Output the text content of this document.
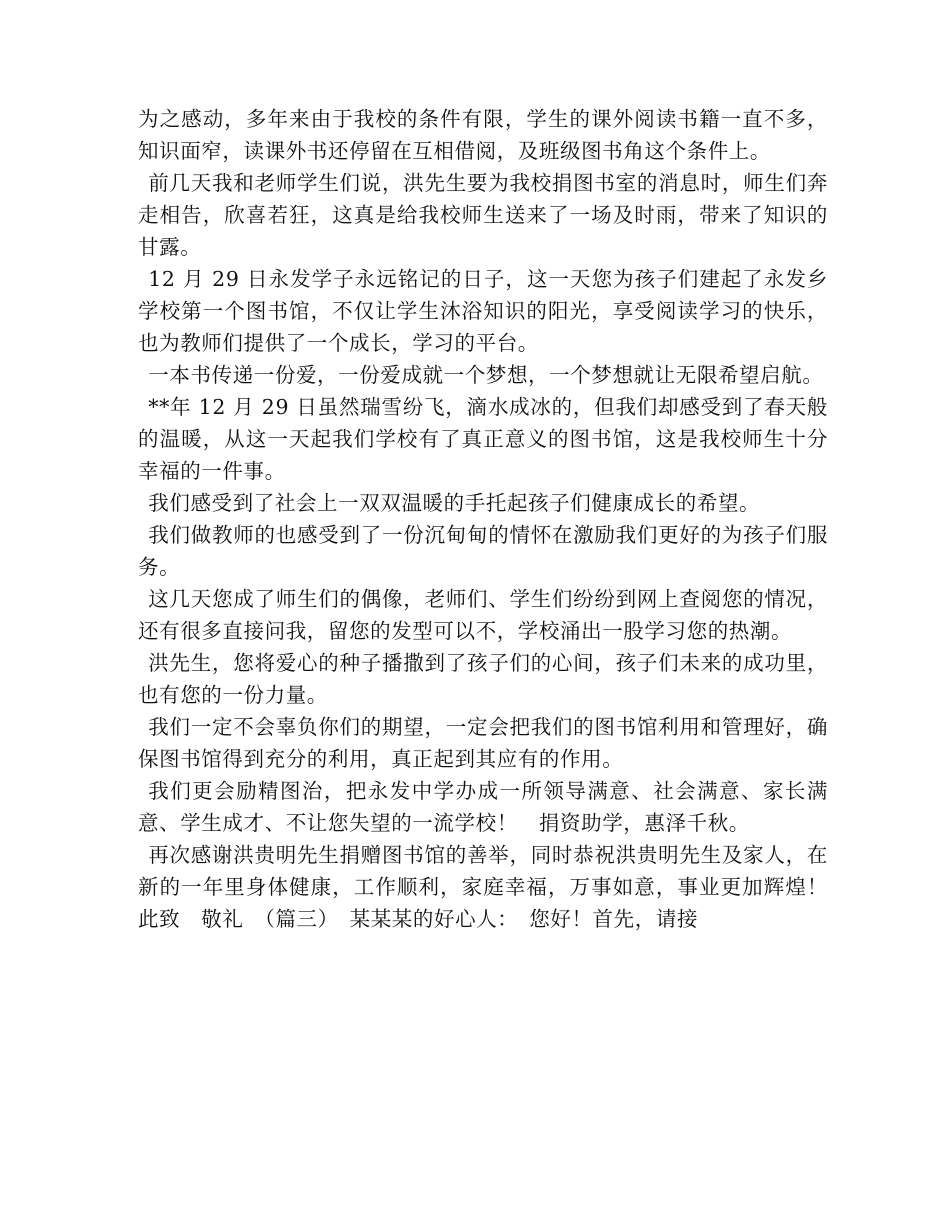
为之感动，多年来由于我校的条件有限，学生的课外阅读书籍一直不多，知识面窄，读课外书还停留在互相借阅，及班级图书角这个条件上。

前几天我和老师学生们说，洪先生要为我校捐图书室的消息时，师生们奔走相告，欣喜若狂，这真是给我校师生送来了一场及时雨，带来了知识的甘露。

12 月 29 日永发学子永远铭记的日子，这一天您为孩子们建起了永发乡学校第一个图书馆，不仅让学生沐浴知识的阳光，享受阅读学习的快乐，也为教师们提供了一个成长，学习的平台。

一本书传递一份爱，一份爱成就一个梦想，一个梦想就让无限希望启航。

**年 12 月 29 日虽然瑞雪纷飞，滴水成冰的，但我们却感受到了春天般的温暖，从这一天起我们学校有了真正意义的图书馆，这是我校师生十分幸福的一件事。

我们感受到了社会上一双双温暖的手托起孩子们健康成长的希望。

我们做教师的也感受到了一份沉甸甸的情怀在激励我们更好的为孩子们服务。

这几天您成了师生们的偶像，老师们、学生们纷纷到网上查阅您的情况，还有很多直接问我，留您的发型可以不，学校涌出一股学习您的热潮。

洪先生，您将爱心的种子播撒到了孩子们的心间，孩子们未来的成功里，也有您的一份力量。

我们一定不会辜负你们的期望，一定会把我们的图书馆利用和管理好，确保图书馆得到充分的利用，真正起到其应有的作用。

我们更会励精图治，把永发中学办成一所领导满意、社会满意、家长满意、学生成才、不让您失望的一流学校！　捐资助学，惠泽千秋。

再次感谢洪贵明先生捐赠图书馆的善举，同时恭祝洪贵明先生及家人，在新的一年里身体健康，工作顺利，家庭幸福，万事如意，事业更加辉煌！　此致　敬礼　（篇三）　某某某的好心人：　您好！首先，请接
